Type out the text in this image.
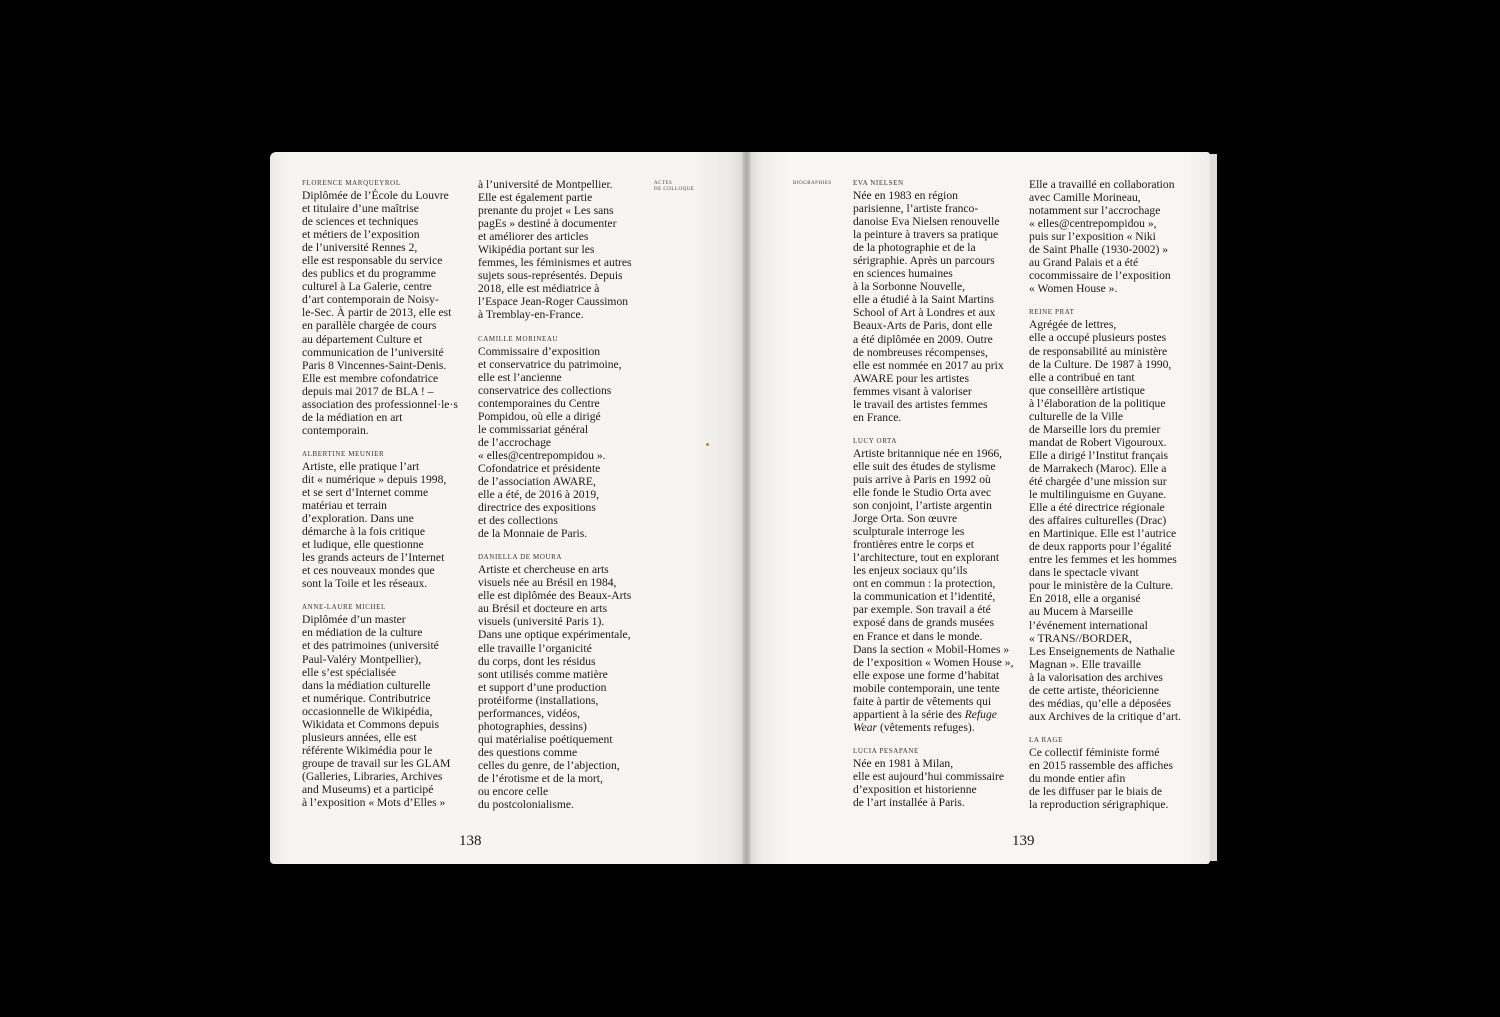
ACTES
DE COLLOQUE
BIOGRAPHIES
FLORENCE MARQUEYROL
Diplômée de l’École du Louvre
et titulaire d’une maîtrise
de sciences et techniques
et métiers de l’exposition
de l’université Rennes 2,
elle est responsable du service
des publics et du programme
culturel à La Galerie, centre
d’art contemporain de Noisy-
le-Sec. À partir de 2013, elle est
en parallèle chargée de cours
au département Culture et
communication de l’université
Paris 8 Vincennes-Saint-Denis.
Elle est membre cofondatrice
depuis mai 2017 de BLA ! –
association des professionnel·le·s
de la médiation en art
contemporain.
ALBERTINE MEUNIER
Artiste, elle pratique l’art
dit « numérique » depuis 1998,
et se sert d’Internet comme
matériau et terrain
d’exploration. Dans une
démarche à la fois critique
et ludique, elle questionne
les grands acteurs de l’Internet
et ces nouveaux mondes que
sont la Toile et les réseaux.
ANNE-LAURE MICHEL
Diplômée d’un master
en médiation de la culture
et des patrimoines (université
Paul-Valéry Montpellier),
elle s’est spécialisée
dans la médiation culturelle
et numérique. Contributrice
occasionnelle de Wikipédia,
Wikidata et Commons depuis
plusieurs années, elle est
référente Wikimédia pour le
groupe de travail sur les GLAM
(Galleries, Libraries, Archives
and Museums) et a participé
à l’exposition « Mots d’Elles »
à l’université de Montpellier.
Elle est également partie
prenante du projet « Les sans
pagEs » destiné à documenter
et améliorer des articles
Wikipédia portant sur les
femmes, les féminismes et autres
sujets sous-représentés. Depuis
2018, elle est médiatrice à
l’Espace Jean-Roger Caussimon
à Tremblay-en-France.
CAMILLE MORINEAU
Commissaire d’exposition
et conservatrice du patrimoine,
elle est l’ancienne
conservatrice des collections
contemporaines du Centre
Pompidou, où elle a dirigé
le commissariat général
de l’accrochage
« elles@centrepompidou ».
Cofondatrice et présidente
de l’association AWARE,
elle a été, de 2016 à 2019,
directrice des expositions
et des collections
de la Monnaie de Paris.
DANIELLA DE MOURA
Artiste et chercheuse en arts
visuels née au Brésil en 1984,
elle est diplômée des Beaux-Arts
au Brésil et docteure en arts
visuels (université Paris 1).
Dans une optique expérimentale,
elle travaille l’organicité
du corps, dont les résidus
sont utilisés comme matière
et support d’une production
protéiforme (installations,
performances, vidéos,
photographies, dessins)
qui matérialise poétiquement
des questions comme
celles du genre, de l’abjection,
de l’érotisme et de la mort,
ou encore celle
du postcolonialisme.
EVA NIELSEN
Née en 1983 en région
parisienne, l’artiste franco-
danoise Eva Nielsen renouvelle
la peinture à travers sa pratique
de la photographie et de la
sérigraphie. Après un parcours
en sciences humaines
à la Sorbonne Nouvelle,
elle a étudié à la Saint Martins
School of Art à Londres et aux
Beaux-Arts de Paris, dont elle
a été diplômée en 2009. Outre
de nombreuses récompenses,
elle est nommée en 2017 au prix
AWARE pour les artistes
femmes visant à valoriser
le travail des artistes femmes
en France.
LUCY ORTA
Artiste britannique née en 1966,
elle suit des études de stylisme
puis arrive à Paris en 1992 où
elle fonde le Studio Orta avec
son conjoint, l’artiste argentin
Jorge Orta. Son œuvre
sculpturale interroge les
frontières entre le corps et
l’architecture, tout en explorant
les enjeux sociaux qu’ils
ont en commun : la protection,
la communication et l’identité,
par exemple. Son travail a été
exposé dans de grands musées
en France et dans le monde.
Dans la section « Mobil-Homes »
de l’exposition « Women House »,
elle expose une forme d’habitat
mobile contemporain, une tente
faite à partir de vêtements qui
appartient à la série des Refuge
Wear (vêtements refuges).
LUCIA PESAPANE
Née en 1981 à Milan,
elle est aujourd’hui commissaire
d’exposition et historienne
de l’art installée à Paris.
Elle a travaillé en collaboration
avec Camille Morineau,
notamment sur l’accrochage
« elles@centrepompidou »,
puis sur l’exposition « Niki
de Saint Phalle (1930-2002) »
au Grand Palais et a été
cocommissaire de l’exposition
« Women House ».
REINE PRAT
Agrégée de lettres,
elle a occupé plusieurs postes
de responsabilité au ministère
de la Culture. De 1987 à 1990,
elle a contribué en tant
que conseillère artistique
à l’élaboration de la politique
culturelle de la Ville
de Marseille lors du premier
mandat de Robert Vigouroux.
Elle a dirigé l’Institut français
de Marrakech (Maroc). Elle a
été chargée d’une mission sur
le multilinguisme en Guyane.
Elle a été directrice régionale
des affaires culturelles (Drac)
en Martinique. Elle est l’autrice
de deux rapports pour l’égalité
entre les femmes et les hommes
dans le spectacle vivant
pour le ministère de la Culture.
En 2018, elle a organisé
au Mucem à Marseille
l’événement international
« TRANS//BORDER,
Les Enseignements de Nathalie
Magnan ». Elle travaille
à la valorisation des archives
de cette artiste, théoricienne
des médias, qu’elle a déposées
aux Archives de la critique d’art.
LA RAGE
Ce collectif féministe formé
en 2015 rassemble des affiches
du monde entier afin
de les diffuser par le biais de
la reproduction sérigraphique.
138	139
